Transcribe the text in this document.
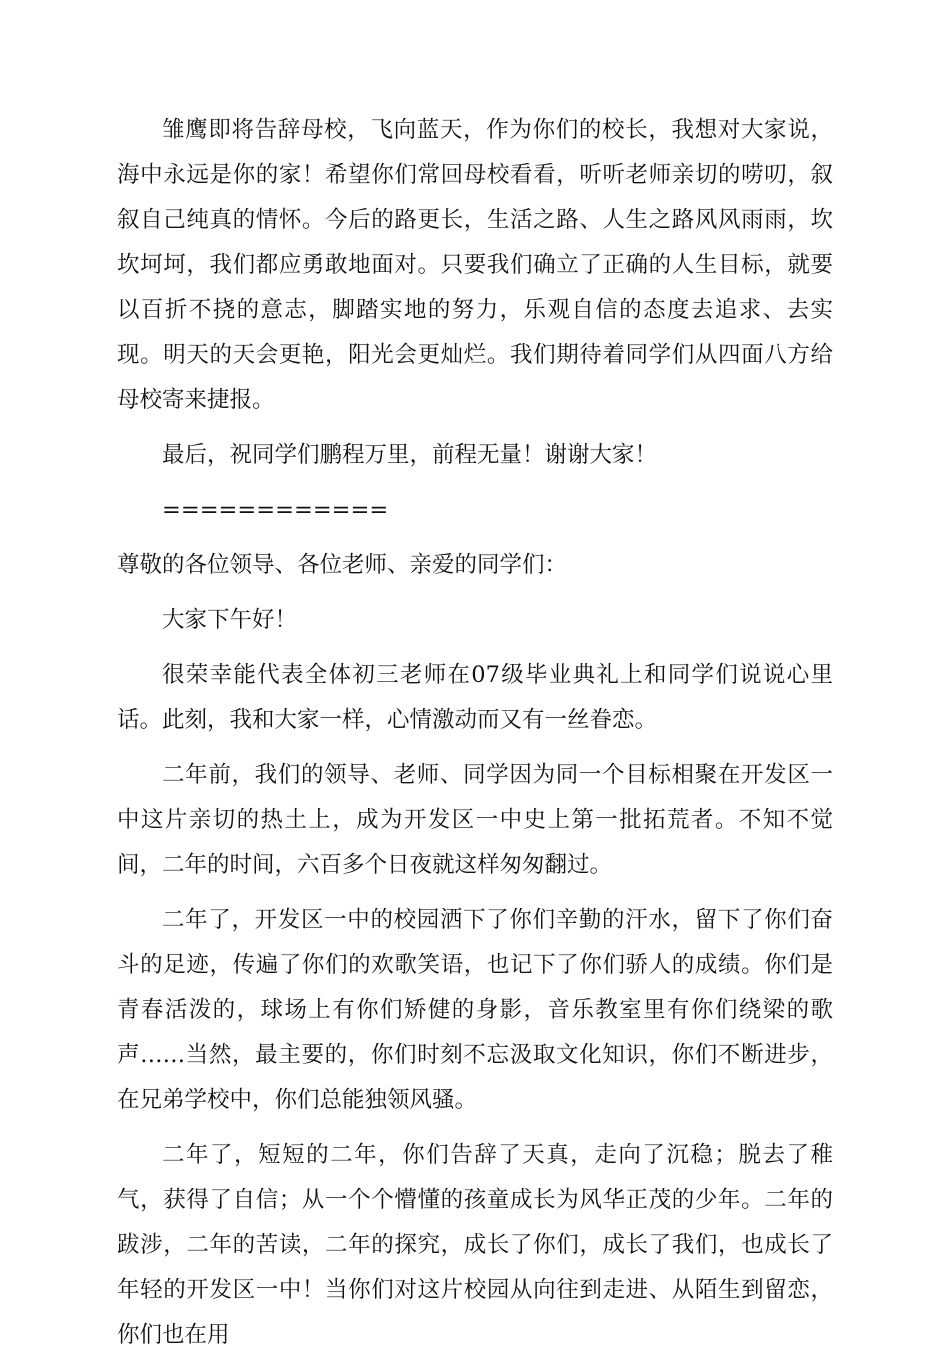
雏鹰即将告辞母校，飞向蓝天，作为你们的校长，我想对大家说，海中永远是你的家！希望你们常回母校看看，听听老师亲切的唠叨，叙叙自己纯真的情怀。今后的路更长，生活之路、人生之路风风雨雨，坎坎坷坷，我们都应勇敢地面对。只要我们确立了正确的人生目标，就要以百折不挠的意志，脚踏实地的努力，乐观自信的态度去追求、去实现。明天的天会更艳，阳光会更灿烂。我们期待着同学们从四面八方给母校寄来捷报。

最后，祝同学们鹏程万里，前程无量！谢谢大家！

============

尊敬的各位领导、各位老师、亲爱的同学们：

大家下午好！

很荣幸能代表全体初三老师在07级毕业典礼上和同学们说说心里话。此刻，我和大家一样，心情激动而又有一丝眷恋。

二年前，我们的领导、老师、同学因为同一个目标相聚在开发区一中这片亲切的热土上，成为开发区一中史上第一批拓荒者。不知不觉间，二年的时间，六百多个日夜就这样匆匆翻过。

二年了，开发区一中的校园洒下了你们辛勤的汗水，留下了你们奋斗的足迹，传遍了你们的欢歌笑语，也记下了你们骄人的成绩。你们是青春活泼的，球场上有你们矫健的身影，音乐教室里有你们绕梁的歌声……当然，最主要的，你们时刻不忘汲取文化知识，你们不断进步，在兄弟学校中，你们总能独领风骚。

二年了，短短的二年，你们告辞了天真，走向了沉稳；脱去了稚气，获得了自信；从一个个懵懂的孩童成长为风华正茂的少年。二年的跋涉，二年的苦读，二年的探究，成长了你们，成长了我们，也成长了年轻的开发区一中！当你们对这片校园从向往到走进、从陌生到留恋，你们也在用
